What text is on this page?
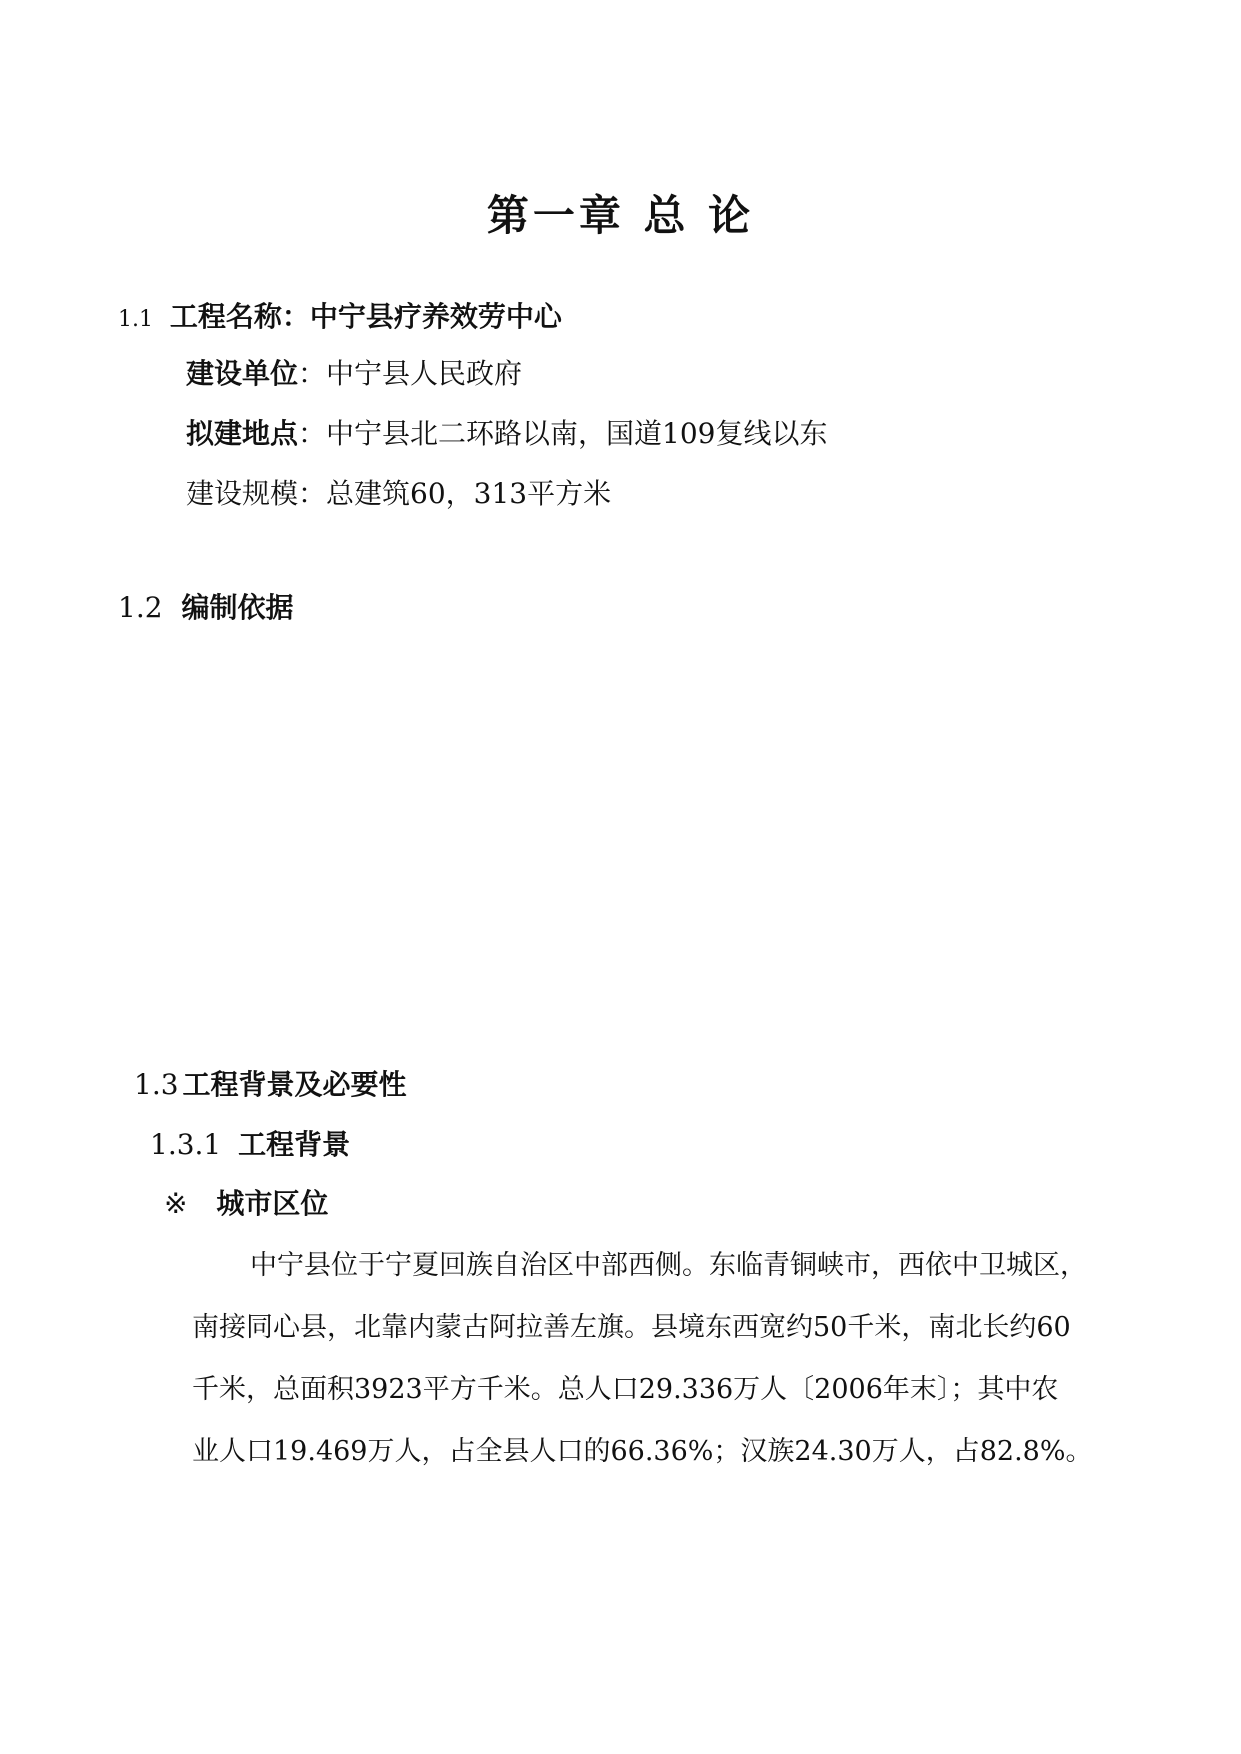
第一章 总 论
1.1 工程名称：中宁县疗养效劳中心
建设单位：中宁县人民政府
拟建地点：中宁县北二环路以南，国道109复线以东
建设规模：总建筑60，313平方米
1.2 编制依据
1.3 工程背景及必要性
1.3.1 工程背景
※ 城市区位
中宁县位于宁夏回族自治区中部西侧。东临青铜峡市，西依中卫城区，
南接同心县，北靠内蒙古阿拉善左旗。县境东西宽约50千米，南北长约60
千米，总面积3923平方千米。总人口29.336万人〔2006年末〕；其中农
业人口19.469万人，占全县人口的66.36%；汉族24.30万人，占82.8%。
